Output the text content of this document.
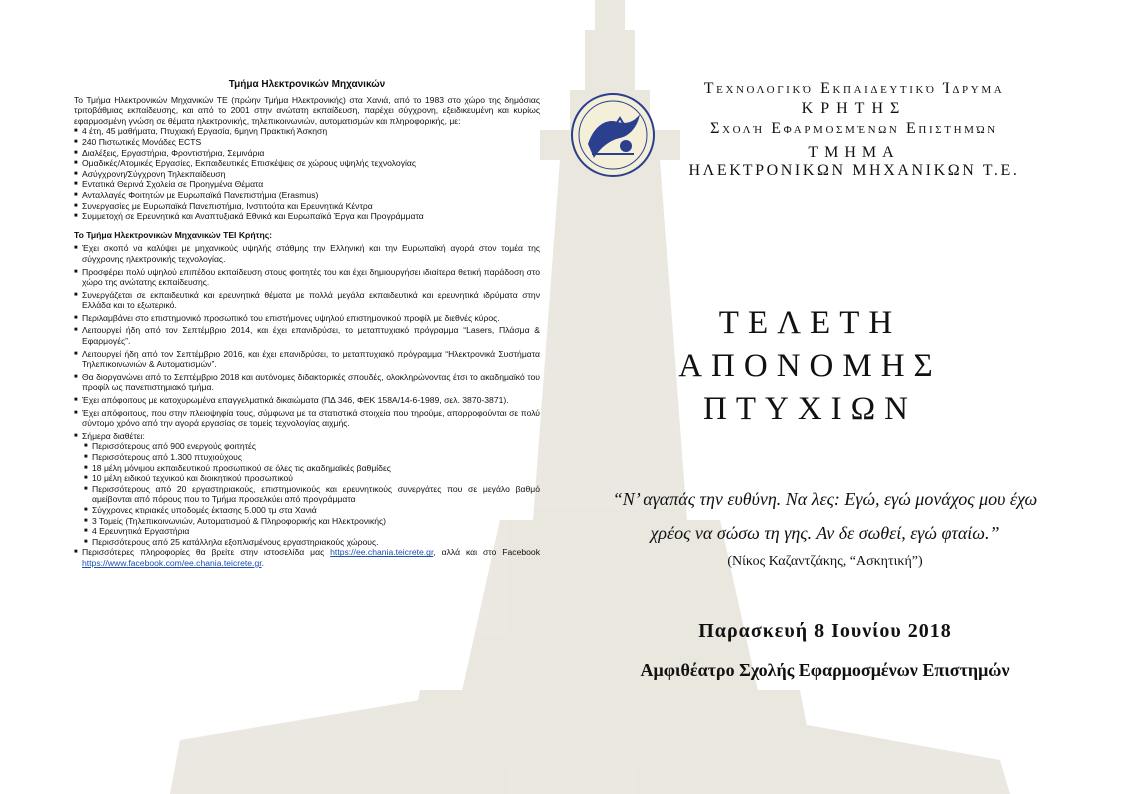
Τμήμα Ηλεκτρονικών Μηχανικών

Το Τμήμα Ηλεκτρονικών Μηχανικών ΤΕ (πρώην Τμήμα Ηλεκτρονικής) στα Χανιά, από το 1983 στο χώρο της δημόσιας τριτοβάθμιας εκπαίδευσης, και από το 2001 στην ανώτατη εκπαίδευση, παρέχει σύγχρονη, εξειδικευμένη και κυρίως εφαρμοσμένη γνώση σε θέματα ηλεκτρονικής, τηλεπικοινωνιών, αυτοματισμών και πληροφορικής, με:

■ 4 έτη, 45 μαθήματα, Πτυχιακή Εργασία, 6μηνη Πρακτική Άσκηση
■ 240 Πιστωτικές Μονάδες ECTS
■ Διαλέξεις, Εργαστήρια, Φροντιστήρια, Σεμινάρια
■ Ομαδικές/Ατομικές Εργασίες, Εκπαιδευτικές Επισκέψεις σε χώρους υψηλής τεχνολογίας
■ Ασύγχρονη/Σύγχρονη Τηλεκπαίδευση
■ Εντατικά Θερινά Σχολεία σε Προηγμένα Θέματα
■ Ανταλλαγές Φοιτητών με Ευρωπαϊκά Πανεπιστήμια (Erasmus)
■ Συνεργασίες με Ευρωπαϊκά Πανεπιστήμια, Ινστιτούτα και Ερευνητικά Κέντρα
■ Συμμετοχή σε Ερευνητικά και Αναπτυξιακά Εθνικά και Ευρωπαϊκά Έργα και Προγράμματα
Το Τμήμα Ηλεκτρονικών Μηχανικών ΤΕΙ Κρήτης:
■ Έχει σκοπό να καλύψει με μηχανικούς υψηλής στάθμης την Ελληνική και την Ευρωπαϊκή αγορά στον τομέα της σύγχρονης ηλεκτρονικής τεχνολογίας.
■ Προσφέρει πολύ υψηλού επιπέδου εκπαίδευση στους φοιτητές του και έχει δημιουργήσει ιδιαίτερα θετική παράδοση στο χώρο της ανώτατης εκπαίδευσης.
■ Συνεργάζεται σε εκπαιδευτικά και ερευνητικά θέματα με πολλά μεγάλα εκπαιδευτικά και ερευνητικά ιδρύματα στην Ελλάδα και το εξωτερικό.
■ Περιλαμβάνει στο επιστημονικό προσωπικό του επιστήμονες υψηλού επιστημονικού προφίλ με διεθνές κύρος.
■ Λειτουργεί ήδη από τον Σεπτέμβριο 2014, και έχει επανιδρύσει, το μεταπτυχιακό πρόγραμμα “Lasers, Πλάσμα & Εφαρμογές”.
■ Λειτουργεί ήδη από τον Σεπτέμβριο 2016, και έχει επανιδρύσει, το μεταπτυχιακό πρόγραμμα “Ηλεκτρονικά Συστήματα Τηλεπικοινωνιών & Αυτοματισμών”.
■ Θα διοργανώνει από το Σεπτέμβριο 2018 και αυτόνομες διδακτορικές σπουδές, ολοκληρώνοντας έτσι το ακαδημαϊκό του προφίλ ως πανεπιστημιακό τμήμα.
■ Έχει απόφοιτους με κατοχυρωμένα επαγγελματικά δικαιώματα (ΠΔ 346, ΦΕΚ 158Α/14-6-1989, σελ. 3870-3871).
■ Έχει απόφοιτους, που στην πλειοψηφία τους, σύμφωνα με τα στατιστικά στοιχεία που τηρούμε, απορροφούνται σε πολύ σύντομο χρόνο από την αγορά εργασίας σε τομείς τεχνολογίας αιχμής.
■ Σήμερα διαθέτει:
■ Περισσότερους από 900 ενεργούς φοιτητές
■ Περισσότερους από 1.300 πτυχιούχους
■ 18 μέλη μόνιμου εκπαιδευτικού προσωπικού σε όλες τις ακαδημαϊκές βαθμίδες
■ 10 μέλη ειδικού τεχνικού και διοικητικού προσωπικού
■ Περισσότερους από 20 εργαστηριακούς, επιστημονικούς και ερευνητικούς συνεργάτες που σε μεγάλο βαθμό αμείβονται από πόρους που το Τμήμα προσελκύει από προγράμματα
■ Σύγχρονες κτιριακές υποδομές έκτασης 5.000 τμ στα Χανιά
■ 3 Τομείς (Τηλεπικοινωνιών, Αυτοματισμού & Πληροφορικής και Ηλεκτρονικής)
■ 4 Ερευνητικά Εργαστήρια
■ Περισσότερους από 25 κατάλληλα εξοπλισμένους εργαστηριακούς χώρους.
■ Περισσότερες πληροφορίες θα βρείτε στην ιστοσελίδα μας https://ee.chania.teicrete.gr, αλλά και στο Facebook https://www.facebook.com/ee.chania.teicrete.gr.
Τεχνολογικό Εκπαιδευτικό Ίδρυμα
ΚΡΗΤΗΣ
Σχολή Εφαρμοσμένων Επιστημών
ΤΜΗΜΑ
ΗΛΕΚΤΡΟΝΙΚΩΝ ΜΗΧΑΝΙΚΩΝ Τ.Ε.
ΤΕΛΕΤΗ
ΑΠΟΝΟΜΗΣ
ΠΤΥΧΙΩΝ
“Ν’ αγαπάς την ευθύνη. Να λες: Εγώ, εγώ μονάχος μου έχω
χρέος να σώσω τη γης. Αν δε σωθεί, εγώ φταίω.”
(Νίκος Καζαντζάκης, “Ασκητική”)
Παρασκευή 8 Ιουνίου 2018
Αμφιθέατρο Σχολής Εφαρμοσμένων Επιστημών
